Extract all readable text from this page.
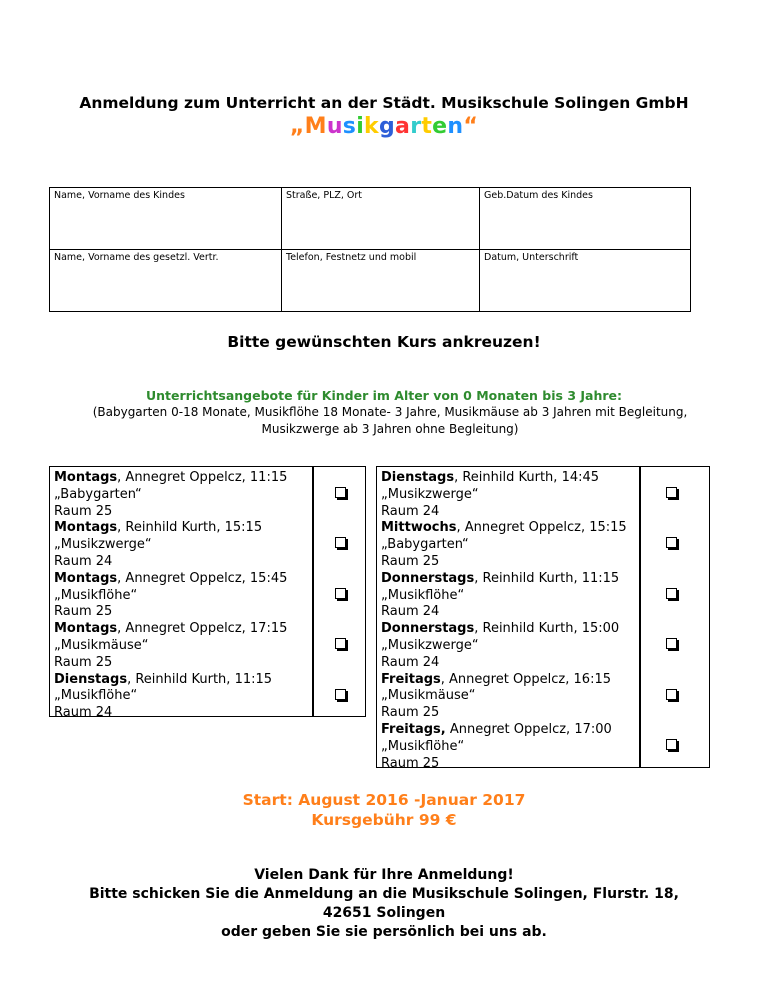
Anmeldung zum Unterricht an der Städt. Musikschule Solingen GmbH
„Musikgarten“
Name, Vorname des Kindes	Straße, PLZ, Ort	Geb.Datum des Kindes
Name, Vorname des gesetzl. Vertr.	Telefon, Festnetz und mobil	Datum, Unterschrift
Bitte gewünschten Kurs ankreuzen!
Unterrichtsangebote für Kinder im Alter von 0 Monaten bis 3 Jahre:
(Babygarten 0-18 Monate, Musikflöhe 18 Monate- 3 Jahre, Musikmäuse ab 3 Jahren mit Begleitung, Musikzwerge ab 3 Jahren ohne Begleitung)
Montags, Annegret Oppelcz, 11:15
„Babygarten“
Raum 25
Montags, Reinhild Kurth, 15:15
„Musikzwerge“
Raum 24
Montags, Annegret Oppelcz, 15:45
„Musikflöhe“
Raum 25
Montags, Annegret Oppelcz, 17:15
„Musikmäuse“
Raum 25
Dienstags, Reinhild Kurth, 11:15
„Musikflöhe“
Raum 24
Dienstags, Reinhild Kurth, 14:45
„Musikzwerge“
Raum 24
Mittwochs, Annegret Oppelcz, 15:15
„Babygarten“
Raum 25
Donnerstags, Reinhild Kurth, 11:15
„Musikflöhe“
Raum 24
Donnerstags, Reinhild Kurth, 15:00
„Musikzwerge“
Raum 24
Freitags, Annegret Oppelcz, 16:15
„Musikmäuse“
Raum 25
Freitags, Annegret Oppelcz, 17:00
„Musikflöhe“
Raum 25
Start: August 2016 -Januar 2017
Kursgebühr 99 €
Vielen Dank für Ihre Anmeldung!
Bitte schicken Sie die Anmeldung an die Musikschule Solingen, Flurstr. 18,
42651 Solingen
oder geben Sie sie persönlich bei uns ab.
